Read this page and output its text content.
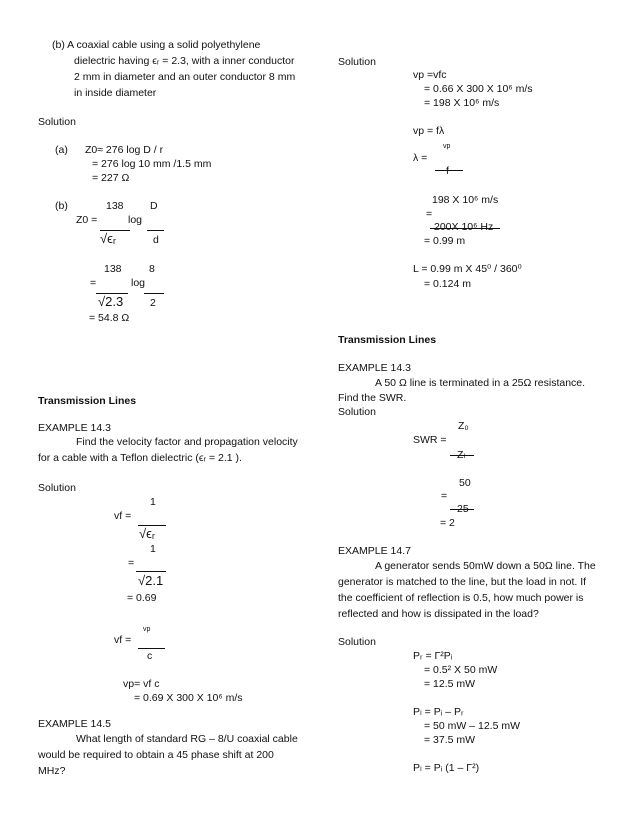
(b) A coaxial cable using a solid polyethylene
dielectric having ϵᵣ = 2.3, with a inner conductor
2 mm in diameter and an outer conductor 8 mm
in inside diameter
Solution
(a) Z0≈ 276 log D / r
= 276 log 10 mm /1.5 mm
= 227 Ω
(b)	138	D
Z0 =	log
√ϵᵣ	d
138	8
=	log
√2.3	2
= 54.8 Ω
Transmission Lines
EXAMPLE 14.3
Find the velocity factor and propagation velocity
for a cable with a Teflon dielectric (ϵᵣ = 2.1 ).
Solution
1
vf =
√ϵᵣ
1
=
√2.1
= 0.69
vp
vf =
c
vp= vf c
= 0.69 X 300 X 10⁶ m/s
EXAMPLE 14.5
What length of standard RG – 8/U coaxial cable
would be required to obtain a 45 phase shift at 200
MHz?
Solution
vp =vfc
= 0.66 X 300 X 10⁶ m/s
= 198 X 10⁶ m/s
vp = fλ
vp
λ =
f
198 X 10⁶ m/s
=
200X 10⁶ Hz
= 0.99 m
L = 0.99 m X 45⁰ / 360⁰
= 0.124 m
Transmission Lines
EXAMPLE 14.3
A 50 Ω line is terminated in a 25Ω resistance.
Find the SWR.
Solution
Z₀
SWR =
Zₗ
50
=
25
= 2
EXAMPLE 14.7
A generator sends 50mW down a 50Ω line. The
generator is matched to the line, but the load in not. If
the coefficient of reflection is 0.5, how much power is
reflected and how is dissipated in the load?
Solution
Pᵣ = Γ²Pᵢ
= 0.5² X 50 mW
= 12.5 mW
Pₗ = Pᵢ – Pᵣ
= 50 mW – 12.5 mW
= 37.5 mW
Pₗ = Pᵢ (1 – Γ²)
